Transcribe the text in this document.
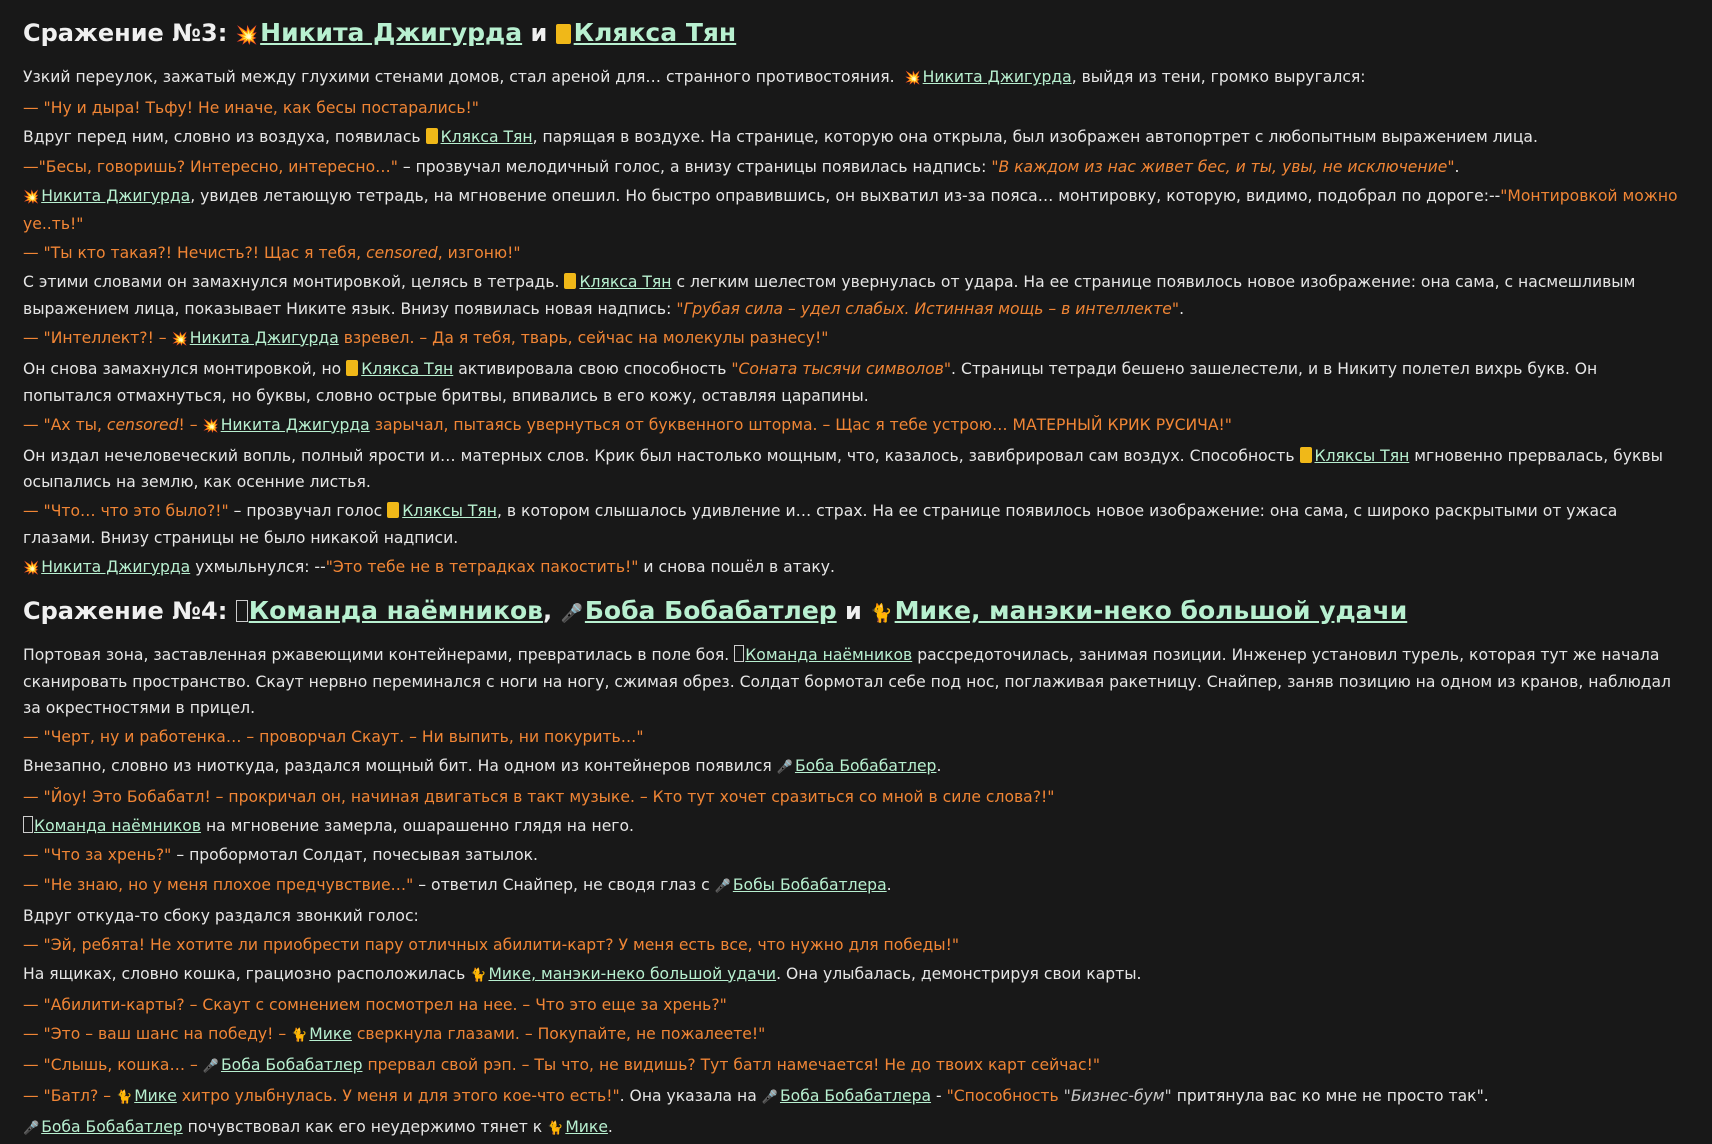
Сражение №3: 💥Никита Джигурда и Клякса Тян

Узкий переулок, зажатый между глухими стенами домов, стал ареной для… странного противостояния. 💥 Никита Джигурда, выйдя из тени, громко выругался:

— "Ну и дыра! Тьфу! Не иначе, как бесы постарались!"

Вдруг перед ним, словно из воздуха, появилась Клякса Тян, парящая в воздухе. На странице, которую она открыла, был изображен автопортрет с любопытным выражением лица.

—"Бесы, говоришь? Интересно, интересно…" – прозвучал мелодичный голос, а внизу страницы появилась надпись: "В каждом из нас живет бес, и ты, увы, не исключение".

💥 Никита Джигурда, увидев летающую тетрадь, на мгновение опешил. Но быстро оправившись, он выхватил из-за пояса… монтировку, которую, видимо, подобрал по дороге:--"Монтировкой можно уе..ть!"

— "Ты кто такая?! Нечисть?! Щас я тебя, censored, изгоню!"

С этими словами он замахнулся монтировкой, целясь в тетрадь. Клякса Тян с легким шелестом увернулась от удара. На ее странице появилось новое изображение: она сама, с насмешливым выражением лица, показывает Никите язык. Внизу появилась новая надпись: "Грубая сила – удел слабых. Истинная мощь – в интеллекте".

— "Интеллект?! – 💥 Никита Джигурда взревел. – Да я тебя, тварь, сейчас на молекулы разнесу!"

Он снова замахнулся монтировкой, но Клякса Тян активировала свою способность "Соната тысячи символов". Страницы тетради бешено зашелестели, и в Никиту полетел вихрь букв. Он попытался отмахнуться, но буквы, словно острые бритвы, впивались в его кожу, оставляя царапины.

— "Ах ты, censored! – 💥 Никита Джигурда зарычал, пытаясь увернуться от буквенного шторма. – Щас я тебе устрою… МАТЕРНЫЙ КРИК РУСИЧА!"

Он издал нечеловеческий вопль, полный ярости и… матерных слов. Крик был настолько мощным, что, казалось, завибрировал сам воздух. Способность Кляксы Тян мгновенно прервалась, буквы осыпались на землю, как осенние листья.

— "Что… что это было?!" – прозвучал голос Кляксы Тян, в котором слышалось удивление и… страх. На ее странице появилось новое изображение: она сама, с широко раскрытыми от ужаса глазами. Внизу страницы не было никакой надписи.

💥 Никита Джигурда ухмыльнулся: --"Это тебе не в тетрадках пакостить!" и снова пошёл в атаку.

Сражение №4: Команда наёмников, 🎤Боба Бобабатлер и 🐈Мике, манэки-неко большой удачи

Портовая зона, заставленная ржавеющими контейнерами, превратилась в поле боя. Команда наёмников рассредоточилась, занимая позиции. Инженер установил турель, которая тут же начала сканировать пространство. Скаут нервно переминался с ноги на ногу, сжимая обрез. Солдат бормотал себе под нос, поглаживая ракетницу. Снайпер, заняв позицию на одном из кранов, наблюдал за окрестностями в прицел.

— "Черт, ну и работенка… – проворчал Скаут. – Ни выпить, ни покурить…"

Внезапно, словно из ниоткуда, раздался мощный бит. На одном из контейнеров появился 🎤 Боба Бобабатлер.

— "Йоу! Это Бобабатл! – прокричал он, начиная двигаться в такт музыке. – Кто тут хочет сразиться со мной в силе слова?!"

Команда наёмников на мгновение замерла, ошарашенно глядя на него.

— "Что за хрень?" – пробормотал Солдат, почесывая затылок.

— "Не знаю, но у меня плохое предчувствие…" – ответил Снайпер, не сводя глаз с 🎤 Бобы Бобабатлера.

Вдруг откуда-то сбоку раздался звонкий голос:

— "Эй, ребята! Не хотите ли приобрести пару отличных абилити-карт? У меня есть все, что нужно для победы!"

На ящиках, словно кошка, грациозно расположилась 🐈 Мике, манэки-неко большой удачи. Она улыбалась, демонстрируя свои карты.

— "Абилити-карты? – Скаут с сомнением посмотрел на нее. – Что это еще за хрень?"

— "Это – ваш шанс на победу! – 🐈 Мике сверкнула глазами. – Покупайте, не пожалеете!"

— "Слышь, кошка… – 🎤 Боба Бобабатлер прервал свой рэп. – Ты что, не видишь? Тут батл намечается! Не до твоих карт сейчас!"

— "Батл? – 🐈 Мике хитро улыбнулась. У меня и для этого кое-что есть!". Она указала на 🎤 Боба Бобабатлера - "Способность "Бизнес-бум" притянула вас ко мне не просто так".

🎤 Боба Бобабатлер почувствовал как его неудержимо тянет к 🐈 Мике.
